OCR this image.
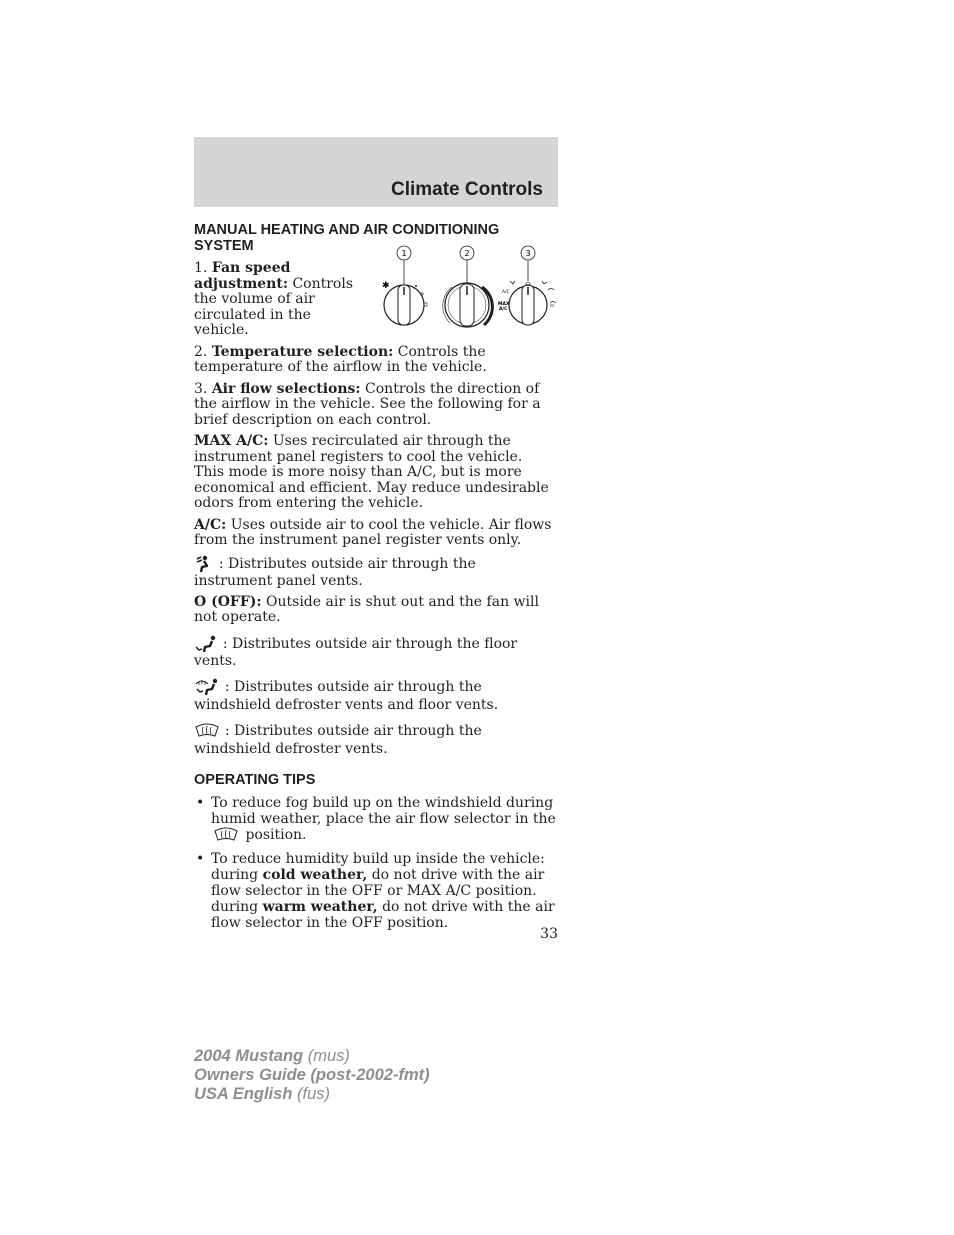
Climate Controls
MANUAL HEATING AND AIR CONDITIONING SYSTEM

1. Fan speed adjustment: Controls the volume of air circulated in the vehicle.

1	2	3
✱
A/C
MAX
A/C

2. Temperature selection: Controls the temperature of the airflow in the vehicle.

3. Air flow selections: Controls the direction of the airflow in the vehicle. See the following for a brief description on each control.

MAX A/C: Uses recirculated air through the instrument panel registers to cool the vehicle. This mode is more noisy than A/C, but is more economical and efficient. May reduce undesirable odors from entering the vehicle.

A/C: Uses outside air to cool the vehicle. Air flows from the instrument panel register vents only.

: Distributes outside air through the instrument panel vents.

O (OFF): Outside air is shut out and the fan will not operate.

: Distributes outside air through the floor vents.

: Distributes outside air through the windshield defroster vents and floor vents.

: Distributes outside air through the windshield defroster vents.

OPERATING TIPS
• To reduce fog build up on the windshield during humid weather, place the air flow selector in the  position.
• To reduce humidity build up inside the vehicle: during cold weather, do not drive with the air flow selector in the OFF or MAX A/C position. during warm weather, do not drive with the air flow selector in the OFF position.
33
2004 Mustang (mus)
Owners Guide (post-2002-fmt)
USA English (fus)
